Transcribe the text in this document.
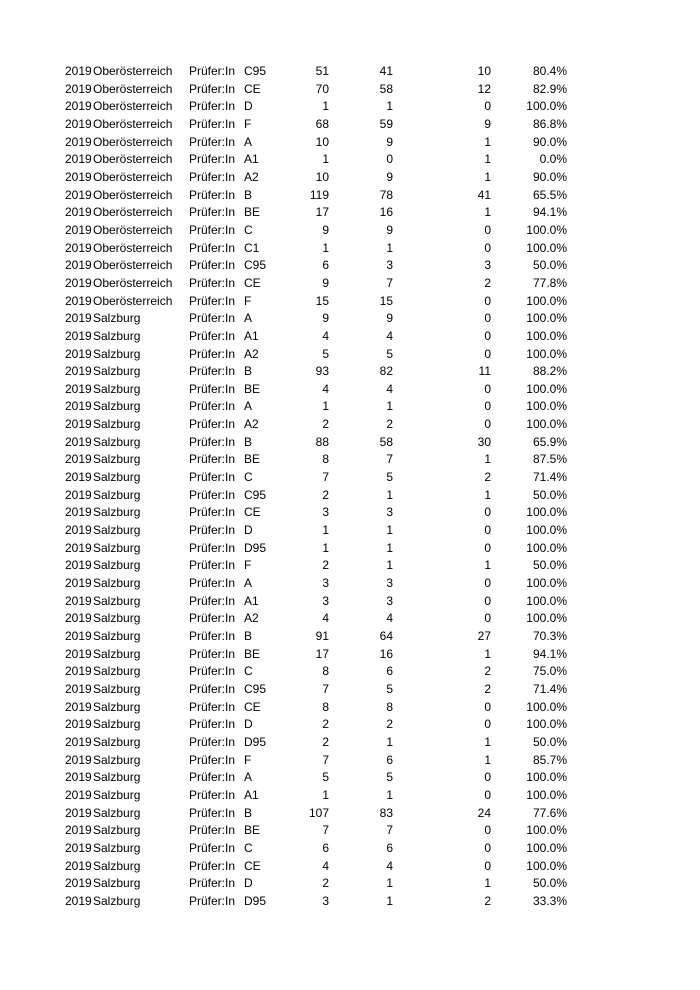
2019 Oberösterreich Prüfer:In C95	51	41	10	80.4%
2019 Oberösterreich Prüfer:In CE	70	58	12	82.9%
2019 Oberösterreich Prüfer:In D	1	1	0	100.0%
2019 Oberösterreich Prüfer:In F	68	59	9	86.8%
2019 Oberösterreich Prüfer:In A	10	9	1	90.0%
2019 Oberösterreich Prüfer:In A1	1	0	1	0.0%
2019 Oberösterreich Prüfer:In A2	10	9	1	90.0%
2019 Oberösterreich Prüfer:In B	119	78	41	65.5%
2019 Oberösterreich Prüfer:In BE	17	16	1	94.1%
2019 Oberösterreich Prüfer:In C	9	9	0	100.0%
2019 Oberösterreich Prüfer:In C1	1	1	0	100.0%
2019 Oberösterreich Prüfer:In C95	6	3	3	50.0%
2019 Oberösterreich Prüfer:In CE	9	7	2	77.8%
2019 Oberösterreich Prüfer:In F	15	15	0	100.0%
2019 Salzburg	Prüfer:In A	9	9	0	100.0%
2019 Salzburg	Prüfer:In A1	4	4	0	100.0%
2019 Salzburg	Prüfer:In A2	5	5	0	100.0%
2019 Salzburg	Prüfer:In B	93	82	11	88.2%
2019 Salzburg	Prüfer:In BE	4	4	0	100.0%
2019 Salzburg	Prüfer:In A	1	1	0	100.0%
2019 Salzburg	Prüfer:In A2	2	2	0	100.0%
2019 Salzburg	Prüfer:In B	88	58	30	65.9%
2019 Salzburg	Prüfer:In BE	8	7	1	87.5%
2019 Salzburg	Prüfer:In C	7	5	2	71.4%
2019 Salzburg	Prüfer:In C95	2	1	1	50.0%
2019 Salzburg	Prüfer:In CE	3	3	0	100.0%
2019 Salzburg	Prüfer:In D	1	1	0	100.0%
2019 Salzburg	Prüfer:In D95	1	1	0	100.0%
2019 Salzburg	Prüfer:In F	2	1	1	50.0%
2019 Salzburg	Prüfer:In A	3	3	0	100.0%
2019 Salzburg	Prüfer:In A1	3	3	0	100.0%
2019 Salzburg	Prüfer:In A2	4	4	0	100.0%
2019 Salzburg	Prüfer:In B	91	64	27	70.3%
2019 Salzburg	Prüfer:In BE	17	16	1	94.1%
2019 Salzburg	Prüfer:In C	8	6	2	75.0%
2019 Salzburg	Prüfer:In C95	7	5	2	71.4%
2019 Salzburg	Prüfer:In CE	8	8	0	100.0%
2019 Salzburg	Prüfer:In D	2	2	0	100.0%
2019 Salzburg	Prüfer:In D95	2	1	1	50.0%
2019 Salzburg	Prüfer:In F	7	6	1	85.7%
2019 Salzburg	Prüfer:In A	5	5	0	100.0%
2019 Salzburg	Prüfer:In A1	1	1	0	100.0%
2019 Salzburg	Prüfer:In B	107	83	24	77.6%
2019 Salzburg	Prüfer:In BE	7	7	0	100.0%
2019 Salzburg	Prüfer:In C	6	6	0	100.0%
2019 Salzburg	Prüfer:In CE	4	4	0	100.0%
2019 Salzburg	Prüfer:In D	2	1	1	50.0%
2019 Salzburg	Prüfer:In D95	3	1	2	33.3%
